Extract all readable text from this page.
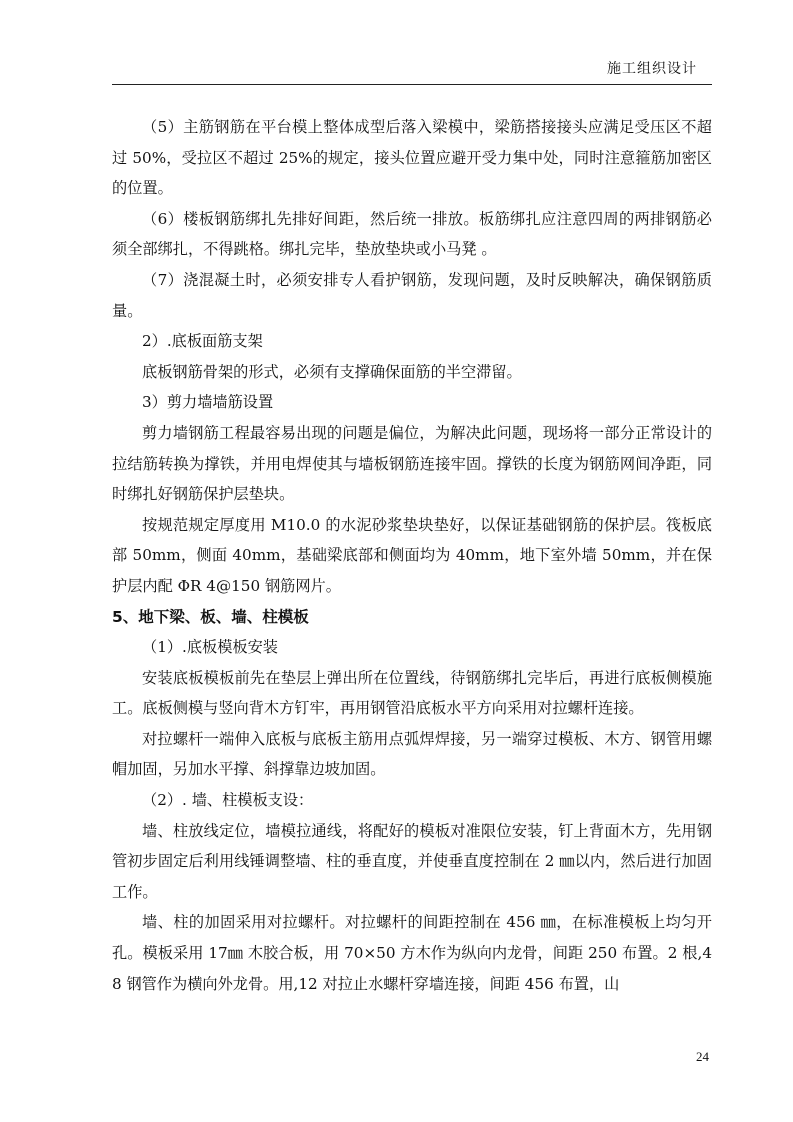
施工组织设计

（5）主筋钢筋在平台模上整体成型后落入梁模中，梁筋搭接接头应满足受压区不超过 50%，受拉区不超过 25%的规定，接头位置应避开受力集中处，同时注意箍筋加密区的位置。

（6）楼板钢筋绑扎先排好间距，然后统一排放。板筋绑扎应注意四周的两排钢筋必须全部绑扎，不得跳格。绑扎完毕，垫放垫块或小马凳 。

（7）浇混凝土时，必须安排专人看护钢筋，发现问题，及时反映解决，确保钢筋质量。

2）.底板面筋支架

底板钢筋骨架的形式，必须有支撑确保面筋的半空滞留。

3）剪力墙墙筋设置

剪力墙钢筋工程最容易出现的问题是偏位，为解决此问题，现场将一部分正常设计的拉结筋转换为撑铁，并用电焊使其与墙板钢筋连接牢固。撑铁的长度为钢筋网间净距，同时绑扎好钢筋保护层垫块。

按规范规定厚度用 M10.0 的水泥砂浆垫块垫好，以保证基础钢筋的保护层。筏板底部 50mm，侧面 40mm，基础梁底部和侧面均为 40mm，地下室外墙 50mm，并在保护层内配 ΦR 4@150 钢筋网片。

5、地下梁、板、墙、柱模板

（1）.底板模板安装

安装底板模板前先在垫层上弹出所在位置线，待钢筋绑扎完毕后，再进行底板侧模施工。底板侧模与竖向背木方钉牢，再用钢管沿底板水平方向采用对拉螺杆连接。

对拉螺杆一端伸入底板与底板主筋用点弧焊焊接，另一端穿过模板、木方、钢管用螺帽加固，另加水平撑、斜撑靠边坡加固。

（2）. 墙、柱模板支设：

墙、柱放线定位，墙模拉通线，将配好的模板对准限位安装，钉上背面木方，先用钢管初步固定后利用线锤调整墙、柱的垂直度，并使垂直度控制在 2 ㎜以内，然后进行加固工作。

墙、柱的加固采用对拉螺杆。对拉螺杆的间距控制在 456 ㎜，在标准模板上均匀开孔。模板采用 17㎜ 木胶合板，用 70×50 方木作为纵向内龙骨，间距 250 布置。2 根,48 钢管作为横向外龙骨。用,12 对拉止水螺杆穿墙连接，间距 456 布置，山

24
